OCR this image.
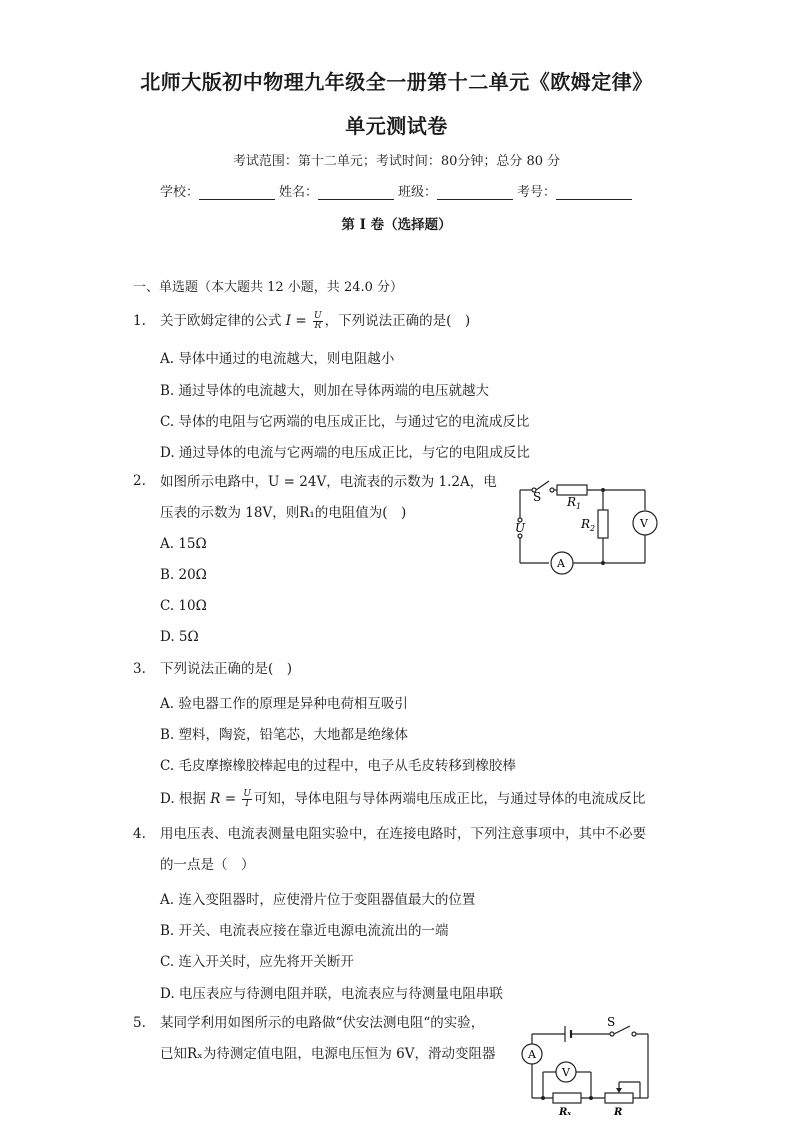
北师大版初中物理九年级全一册第十二单元《欧姆定律》
单元测试卷
考试范围：第十二单元；考试时间：80分钟；总分 80 分
学校：	姓名：	班级：	考号：
第 I 卷（选择题）
一、单选题（本大题共 12 小题，共 24.0 分）
1. 关于欧姆定律的公式 $I = \frac{U}{R}$ ，下列说法正确的是(　)
A. 导体中通过的电流越大，则电阻越小
B. 通过导体的电流越大，则加在导体两端的电压就越大
C. 导体的电阻与它两端的电压成正比，与通过它的电流成反比
D. 通过导体的电流与它两端的电压成正比，与它的电阻成反比
2. 如图所示电路中，U = 24V，电流表的示数为 1.2A，电
压表的示数为 18V，则R₁的电阻值为(　)
A. 15Ω
B. 20Ω
C. 10Ω
D. 5Ω
S $R_1$
$R_2$
U
A
V
3. 下列说法正确的是(　)
A. 验电器工作的原理是异种电荷相互吸引
B. 塑料，陶瓷，铅笔芯，大地都是绝缘体
C. 毛皮摩擦橡胶棒起电的过程中，电子从毛皮转移到橡胶棒
D. 根据 $R = \frac{U}{I}$ 可知，导体电阻与导体两端电压成正比，与通过导体的电流成反比
4. 用电压表、电流表测量电阻实验中，在连接电路时，下列注意事项中，其中不必要
的一点是（　）
A. 连入变阻器时，应使滑片位于变阻器值最大的位置
B. 开关、电流表应接在靠近电源电流流出的一端
C. 连入开关时，应先将开关断开
D. 电压表应与待测电阻并联，电流表应与待测量电阻串联
5. 某同学利用如图所示的电路做“伏安法测电阻“的实验，
已知Rₓ为待测定值电阻，电源电压恒为 6V，滑动变阻器
S
A
V
Rₓ	R
